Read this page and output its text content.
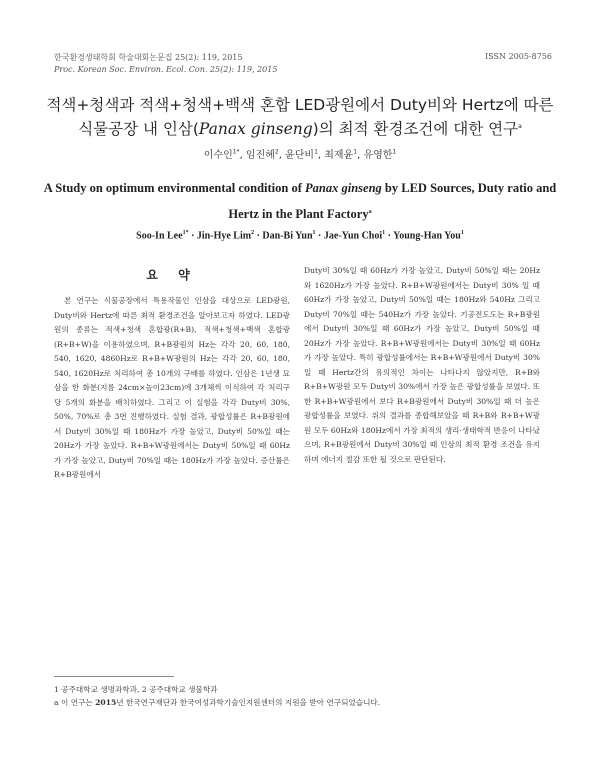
한국환경생태학회 학술대회논문집 25(2): 119, 2015
Proc. Korean Soc. Environ. Ecol. Con. 25(2): 119, 2015
ISSN 2005-8756
적색+청색과 적색+청색+백색 혼합 LED광원에서 Duty비와 Hertz에 따른
식물공장 내 인삼(Panax ginseng)의 최적 환경조건에 대한 연구$^a$
이수인$^{1*}$, 임진혜$^2$, 윤단비$^1$, 최재윤$^1$, 유영한$^1$
A Study on optimum environmental condition of Panax ginseng by LED Sources, Duty ratio and
Hertz in the Plant Factory$^a$
Soo-In Lee$^{1*}$ · Jin-Hye Lim$^2$ · Dan-Bi Yun$^1$ · Jae-Yun Choi$^1$ · Young-Han You$^1$
요 약

본 연구는 식물공장에서 특용작물인 인삼을 대상으로 LED광원, Duty비와 Hertz에 따른 최적 환경조건을 알아보고자 하였다. LED광원의 종류는 적색+청색 혼합광(R+B), 적색+청색+백색 혼합광(R+B+W)을 이용하였으며, R+B광원의 Hz는 각각 20, 60, 180, 540, 1620, 4860Hz로 R+B+W광원의 Hz는 각각 20, 60, 180, 540, 1620Hz로 처리하여 총 10개의 구배를 하였다. 인삼은 1년생 묘삼을 한 화분(지름 24cm×높이23cm)에 3개체씩 이식하여 각 처리구당 5개의 화분을 배치하였다. 그리고 이 실험을 각각 Duty비 30%, 50%, 70%로 총 3번 진행하였다. 실험 결과, 광합성률은 R+B광원에서 Duty비 30%일 때 180Hz가 가장 높았고, Duty비 50%일 때는 20Hz가 가장 높았다. R+B+W광원에서는 Duty비 50%일 때 60Hz가 가장 높았고, Duty비 70%일 때는 180Hz가 가장 높았다. 증산률은 R+B광원에서

Duty비 30%일 때 60Hz가 가장 높았고, Duty비 50%일 때는 20Hz와 1620Hz가 가장 높았다. R+B+W광원에서는 Duty비 30% 일 때 60Hz가 가장 높았고, Duty비 50%일 때는 180Hz와 540Hz 그리고 Duty비 70%일 때는 540Hz가 가장 높았다. 기공전도도는 R+B광원에서 Duty비 30%일 때 60Hz가 가장 높았고, Duty비 50%일 때 20Hz가 가장 높았다. R+B+W광원에서는 Duty비 30%일 때 60Hz가 가장 높았다. 특히 광합성률에서는 R+B+W광원에서 Duty비 30%일 때 Hertz간의 유의적인 차이는 나타나지 않았지만, R+B와 R+B+W광원 모두 Duty비 30%에서 가장 높은 광합성률을 보였다. 또한 R+B+W광원에서 보다 R+B광원에서 Duty비 30%일 때 더 높은 광합성률을 보였다. 위의 결과를 종합해보았을 때 R+B와 R+B+W광원 모두 60Hz와 180Hz에서 가장 최적의 생리·생태학적 반응이 나타났으며, R+B광원에서 Duty비 30%일 때 인삼의 최적 환경 조건을 유지하며 에너지 절감 또한 될 것으로 판단된다.

1 공주대학교 생명과학과, 2 공주대학교 생물학과
a 이 연구는 2015년 한국연구재단과 한국여성과학기술인지원센터의 지원을 받아 연구되었습니다.
